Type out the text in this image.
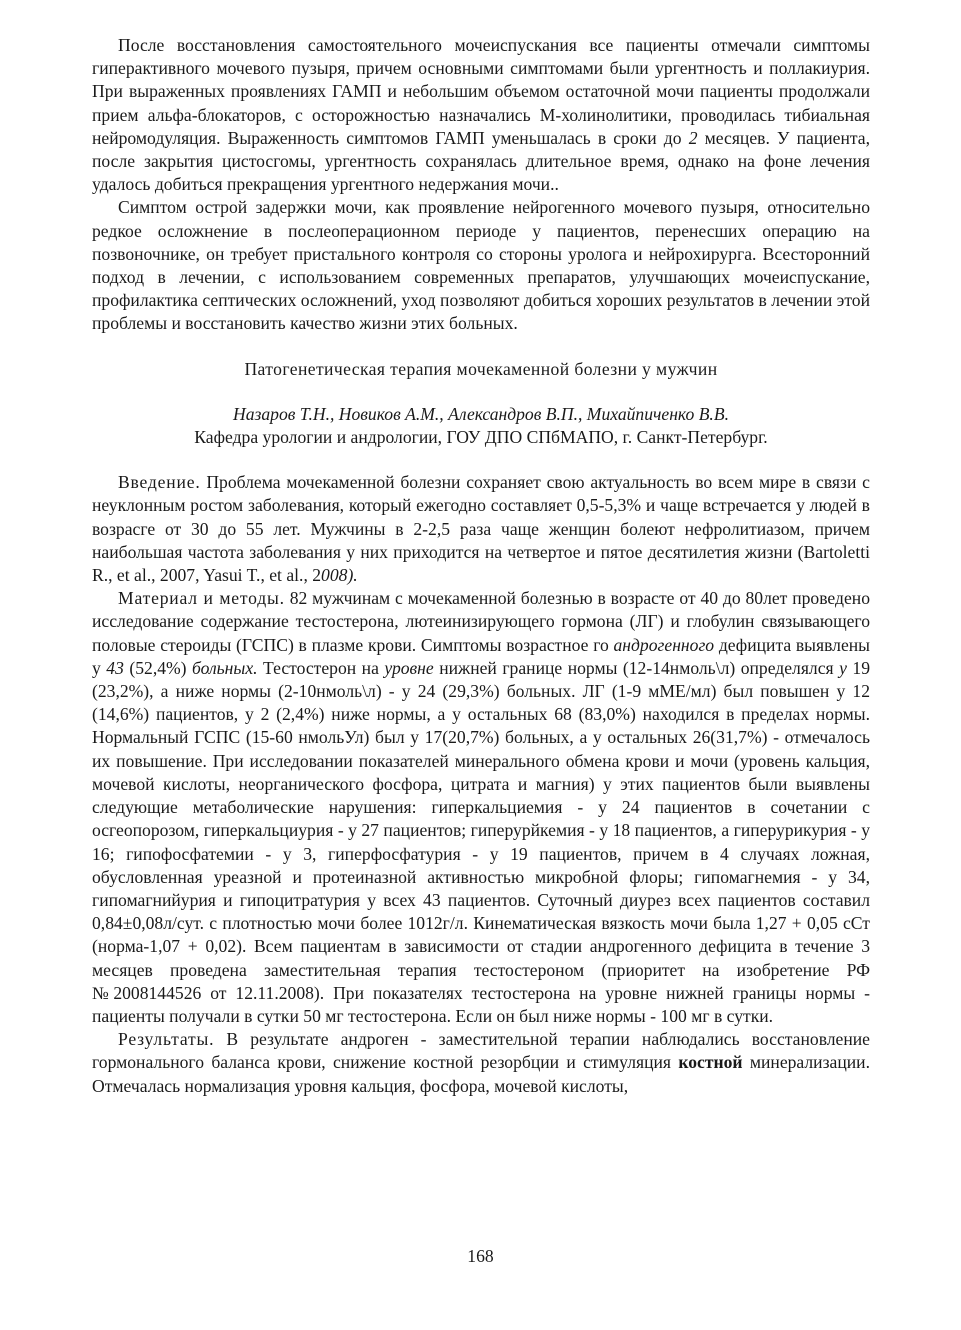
После восстановления самостоятельного мочеиспускания все пациенты отмечали симптомы гиперактивного мочевого пузыря, причем основными симптомами были ургентность и поллакиурия. При выраженных проявлениях ГАМП и небольшим объемом остаточной мочи пациенты продолжали прием альфа-блокаторов, с осторожностью назначались М-холинолитики, проводилась тибиальная нейромодуляция. Выраженность симптомов ГАМП уменьшалась в сроки до 2 месяцев. У пациента, после закрытия цистосгомы, ургентность сохранялась длительное время, однако на фоне лечения удалось добиться прекращения ургентного недержания мочи..

Симптом острой задержки мочи, как проявление нейрогенного мочевого пузыря, относительно редкое осложнение в послеоперационном периоде у пациентов, перенесших операцию на позвоночнике, он требует пристального контроля со стороны уролога и нейрохирурга. Всесторонний подход в лечении, с использованием современных препаратов, улучшающих мочеиспускание, профилактика септических осложнений, уход позволяют добиться хороших результатов в лечении этой проблемы и восстановить качество жизни этих больных.

Патогенетическая терапия мочекаменной болезни у мужчин
Назаров Т.Н., Новиков А.М., Александров В.П., Михайпиченко В.В.
Кафедра урологии и андрологии, ГОУ ДПО СПбМАПО, г. Санкт-Петербург.

Введение. Проблема мочекаменной болезни сохраняет свою актуальность во всем мире в связи с неуклонным ростом заболевания, который ежегодно составляет 0,5-5,3% и чаще встречается у людей в возрасге от 30 до 55 лет. Мужчины в 2-2,5 раза чаще женщин болеют нефролитиазом, причем наибольшая частота заболевания у них приходится на четвертое и пятое десятилетия жизни (Bartoletti R., et al., 2007, Yasui T., et al., 2008).

Материал и методы. 82 мужчинам с мочекаменной болезнью в возрасте от 40 до 80лет проведено исследование содержание тестостерона, лютеинизирующего гормона (ЛГ) и глобулин связывающего половые стероиды (ГСПС) в плазме крови. Симптомы возрастное го андрогенного дефицита выявлены у 43 (52,4%) больных. Тестостерон на уровне нижней границе нормы (12-14нмоль\л) определялся у 19 (23,2%), а ниже нормы (2-10нмоль\л) - у 24 (29,3%) больных. ЛГ (1-9 мМЕ/мл) был повышен у 12 (14,6%) пациентов, у 2 (2,4%) ниже нормы, а у остальных 68 (83,0%) находился в пределах нормы. Нормальный ГСПС (15-60 нмольУл) был у 17(20,7%) больных, а у остальных 26(31,7%) - отмечалось их повышение. При исследовании показателей минерального обмена крови и мочи (уровень кальция, мочевой кислоты, неорганического фосфора, цитрата и магния) у этих пациентов были выявлены следующие метаболические нарушения: гиперкальциемия - у 24 пациентов в сочетании с осгеопорозом, гиперкальциурия - у 27 пациентов; гиперурйкемия - у 18 пациентов, а гиперурикурия - у 16; гипофосфатемии - у 3, гиперфосфатурия - у 19 пациентов, причем в 4 случаях ложная, обусловленная уреазной и протеиназной активностью микробной флоры; гипомагнемия - у 34, гипомагнийурия и гипоцитратурия у всех 43 пациентов. Суточный диурез всех пациентов составил 0,84±0,08л/сут. с плотностью мочи более 1012г/л. Кинематическая вязкость мочи была 1,27 + 0,05 сСт (норма-1,07 + 0,02). Всем пациентам в зависимости от стадии андрогенного дефицита в течение 3 месяцев проведена заместительная терапия тестостероном (приоритет на изобретение РФ №2008144526 от 12.11.2008). При показателях тестостерона на уровне нижней границы нормы - пациенты получали в сутки 50 мг тестостерона. Если он был ниже нормы - 100 мг в сутки.

Результаты. В результате андроген - заместительной терапии наблюдались восстановление гормонального баланса крови, снижение костной резорбции и стимуляция костной минерализации. Отмечалась нормализация уровня кальция, фосфора, мочевой кислоты,

168
